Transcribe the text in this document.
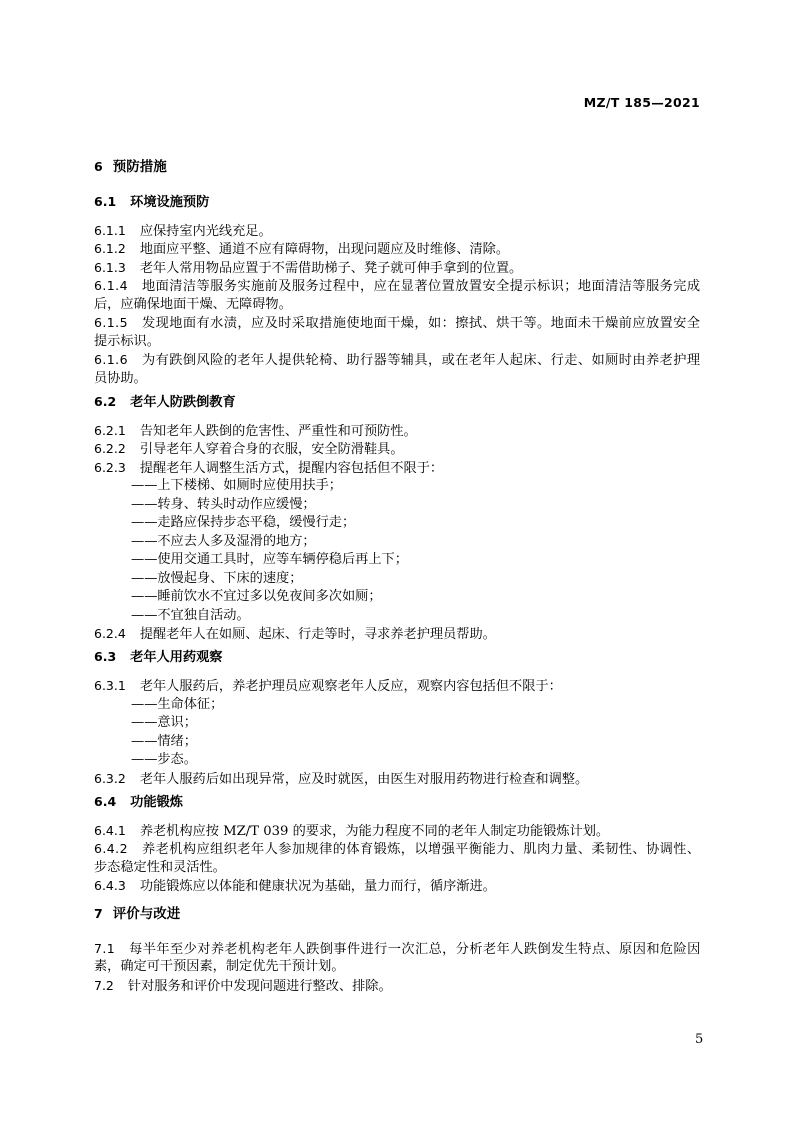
MZ/T 185—2021
6 预防措施
6.1 环境设施预防
6.1.1 应保持室内光线充足。
6.1.2 地面应平整、通道不应有障碍物，出现问题应及时维修、清除。
6.1.3 老年人常用物品应置于不需借助梯子、凳子就可伸手拿到的位置。
6.1.4 地面清洁等服务实施前及服务过程中，应在显著位置放置安全提示标识；地面清洁等服务完成
后，应确保地面干燥、无障碍物。
6.1.5 发现地面有水渍，应及时采取措施使地面干燥，如：擦拭、烘干等。地面未干燥前应放置安全
提示标识。
6.1.6 为有跌倒风险的老年人提供轮椅、助行器等辅具，或在老年人起床、行走、如厕时由养老护理
员协助。
6.2 老年人防跌倒教育
6.2.1 告知老年人跌倒的危害性、严重性和可预防性。
6.2.2 引导老年人穿着合身的衣服，安全防滑鞋具。
6.2.3 提醒老年人调整生活方式，提醒内容包括但不限于：
——上下楼梯、如厕时应使用扶手；
——转身、转头时动作应缓慢；
——走路应保持步态平稳，缓慢行走；
——不应去人多及湿滑的地方；
——使用交通工具时，应等车辆停稳后再上下；
——放慢起身、下床的速度；
——睡前饮水不宜过多以免夜间多次如厕；
——不宜独自活动。
6.2.4 提醒老年人在如厕、起床、行走等时，寻求养老护理员帮助。
6.3 老年人用药观察
6.3.1 老年人服药后，养老护理员应观察老年人反应，观察内容包括但不限于：
——生命体征；
——意识；
——情绪；
——步态。
6.3.2 老年人服药后如出现异常，应及时就医，由医生对服用药物进行检查和调整。
6.4 功能锻炼
6.4.1 养老机构应按 MZ/T 039 的要求，为能力程度不同的老年人制定功能锻炼计划。
6.4.2 养老机构应组织老年人参加规律的体育锻炼，以增强平衡能力、肌肉力量、柔韧性、协调性、
步态稳定性和灵活性。
6.4.3 功能锻炼应以体能和健康状况为基础，量力而行，循序渐进。
7 评价与改进
7.1 每半年至少对养老机构老年人跌倒事件进行一次汇总，分析老年人跌倒发生特点、原因和危险因
素，确定可干预因素，制定优先干预计划。
7.2 针对服务和评价中发现问题进行整改、排除。
5
